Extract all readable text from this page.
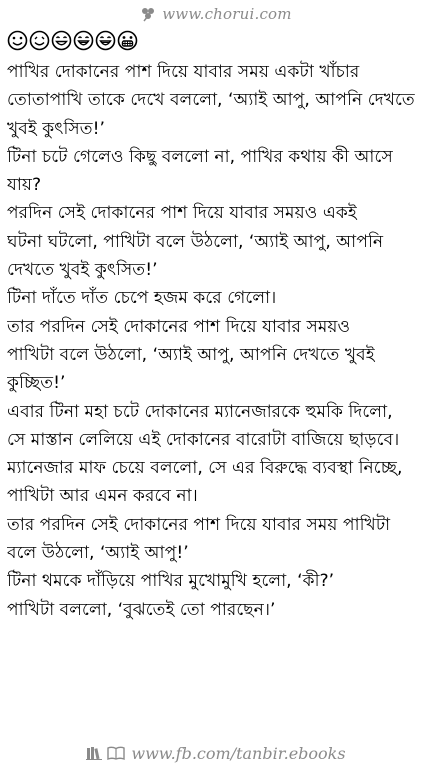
www.chorui.com
পাখির দোকানের পাশ দিয়ে যাবার সময় একটা খাঁচার
তোতাপাখি তাকে দেখে বললো, ‘অ্যাই আপু, আপনি দেখতে
খুবই কুৎসিত!’
টিনা চটে গেলেও কিছু বললো না, পাখির কথায় কী আসে
যায়?
পরদিন সেই দোকানের পাশ দিয়ে যাবার সময়ও একই
ঘটনা ঘটলো, পাখিটা বলে উঠলো, ‘অ্যাই আপু, আপনি
দেখতে খুবই কুৎসিত!’
টিনা দাঁতে দাঁত চেপে হজম করে গেলো।
তার পরদিন সেই দোকানের পাশ দিয়ে যাবার সময়ও
পাখিটা বলে উঠলো, ‘অ্যাই আপু, আপনি দেখতে খুবই
কুচ্ছিত!’
এবার টিনা মহা চটে দোকানের ম্যানেজারকে হুমকি দিলো,
সে মাস্তান লেলিয়ে এই দোকানের বারোটা বাজিয়ে ছাড়বে।
ম্যানেজার মাফ চেয়ে বললো, সে এর বিরুদ্ধে ব্যবস্থা নিচ্ছে,
পাখিটা আর এমন করবে না।
তার পরদিন সেই দোকানের পাশ দিয়ে যাবার সময় পাখিটা
বলে উঠলো, ‘অ্যাই আপু!’
টিনা থমকে দাঁড়িয়ে পাখির মুখোমুখি হলো, ‘কী?’
পাখিটা বললো, ‘বুঝতেই তো পারছেন।’
www.fb.com/tanbir.ebooks
